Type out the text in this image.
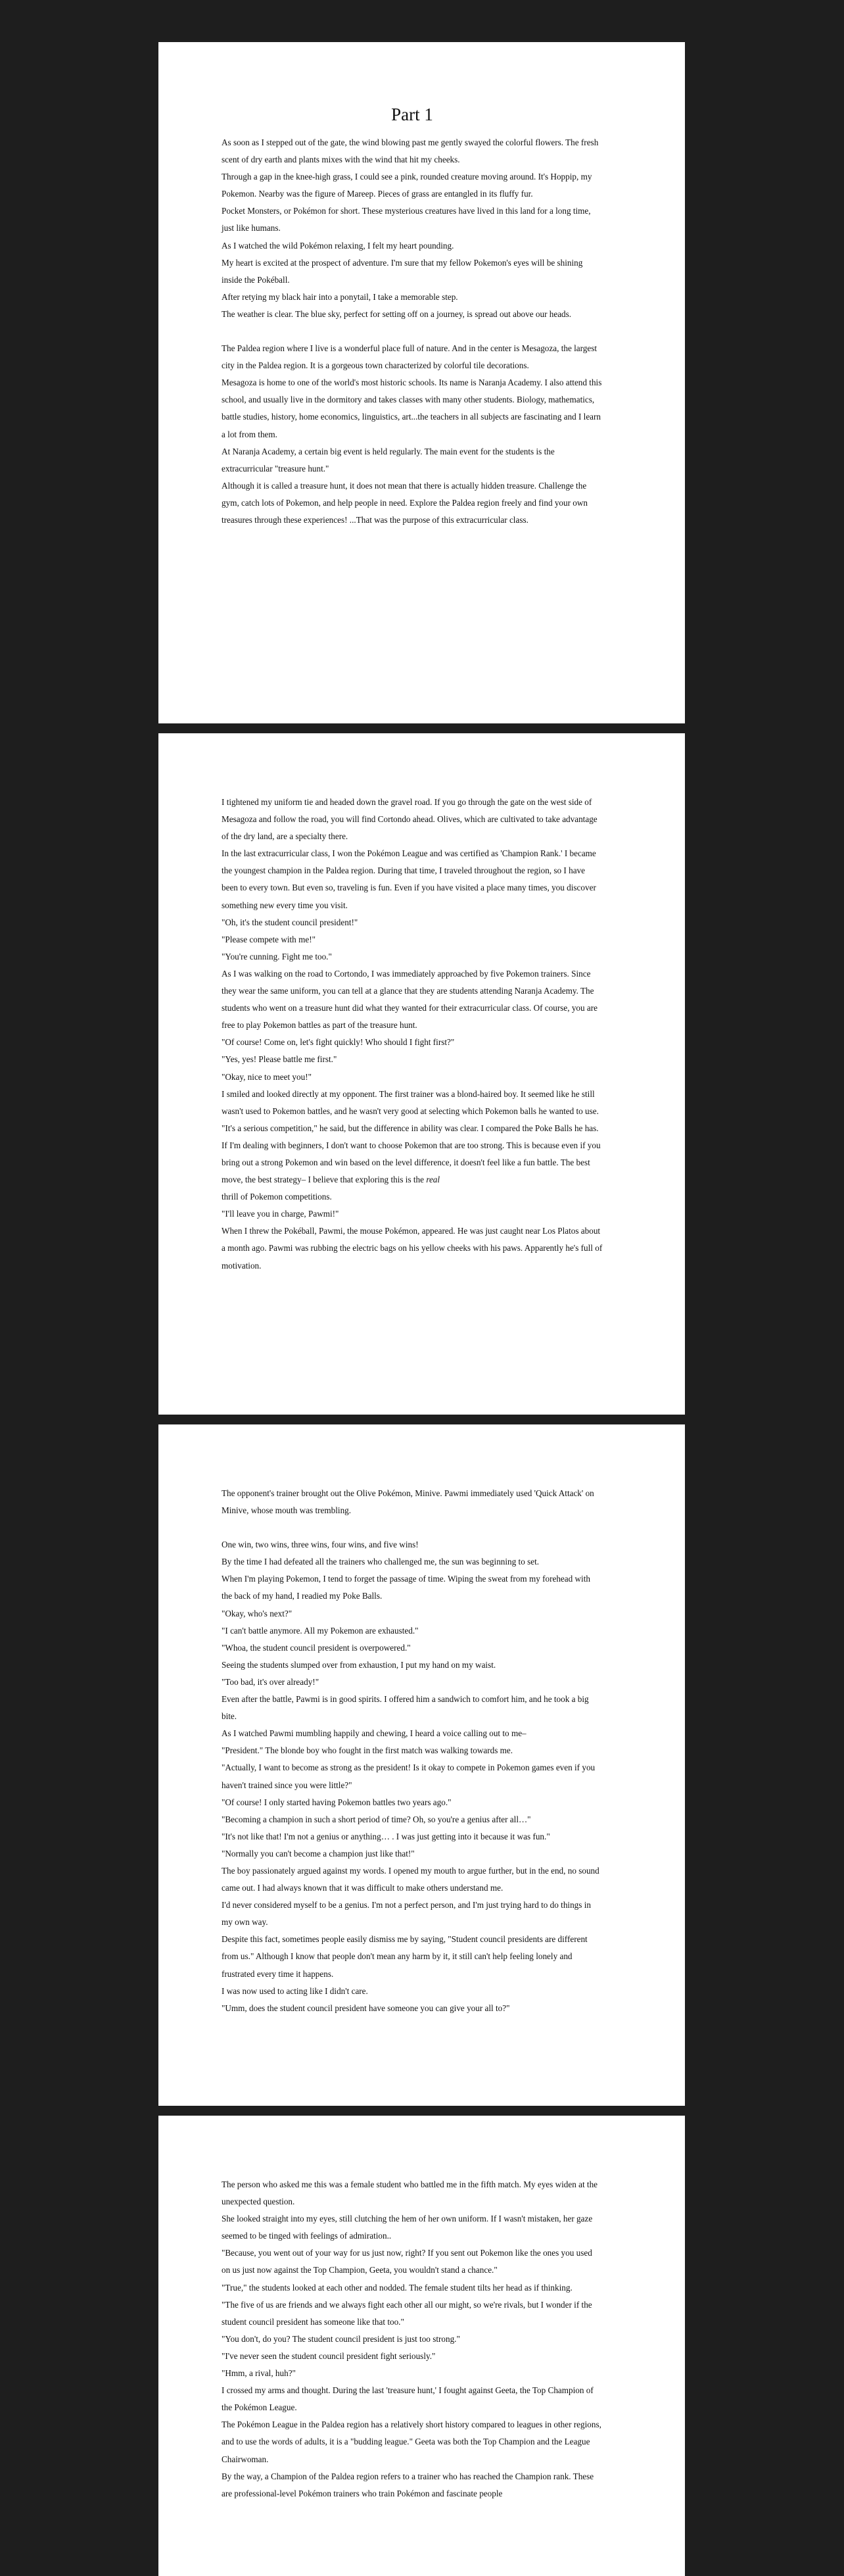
Part 1

As soon as I stepped out of the gate, the wind blowing past me gently swayed the colorful flowers. The fresh scent of dry earth and plants mixes with the wind that hit my cheeks.

Through a gap in the knee-high grass, I could see a pink, rounded creature moving around. It's Hoppip, my Pokemon. Nearby was the figure of Mareep. Pieces of grass are entangled in its fluffy fur.

Pocket Monsters, or Pokémon for short. These mysterious creatures have lived in this land for a long time, just like humans.

As I watched the wild Pokémon relaxing, I felt my heart pounding.

My heart is excited at the prospect of adventure. I'm sure that my fellow Pokemon's eyes will be shining inside the Pokéball.

After retying my black hair into a ponytail, I take a memorable step.

The weather is clear. The blue sky, perfect for setting off on a journey, is spread out above our heads.

The Paldea region where I live is a wonderful place full of nature. And in the center is Mesagoza, the largest city in the Paldea region. It is a gorgeous town characterized by colorful tile decorations.

Mesagoza is home to one of the world's most historic schools. Its name is Naranja Academy. I also attend this school, and usually live in the dormitory and takes classes with many other students. Biology, mathematics, battle studies, history, home economics, linguistics, art...the teachers in all subjects are fascinating and I learn a lot from them.

At Naranja Academy, a certain big event is held regularly. The main event for the students is the extracurricular "treasure hunt."

Although it is called a treasure hunt, it does not mean that there is actually hidden treasure. Challenge the gym, catch lots of Pokemon, and help people in need. Explore the Paldea region freely and find your own treasures through these experiences! ...That was the purpose of this extracurricular class.

I tightened my uniform tie and headed down the gravel road. If you go through the gate on the west side of Mesagoza and follow the road, you will find Cortondo ahead. Olives, which are cultivated to take advantage of the dry land, are a specialty there.

In the last extracurricular class, I won the Pokémon League and was certified as 'Champion Rank.' I became the youngest champion in the Paldea region. During that time, I traveled throughout the region, so I have been to every town. But even so, traveling is fun. Even if you have visited a place many times, you discover something new every time you visit.

"Oh, it's the student council president!"

"Please compete with me!"

"You're cunning. Fight me too."

As I was walking on the road to Cortondo, I was immediately approached by five Pokemon trainers. Since they wear the same uniform, you can tell at a glance that they are students attending Naranja Academy. The students who went on a treasure hunt did what they wanted for their extracurricular class. Of course, you are free to play Pokemon battles as part of the treasure hunt.

"Of course! Come on, let's fight quickly! Who should I fight first?"

"Yes, yes! Please battle me first."

"Okay, nice to meet you!"

I smiled and looked directly at my opponent. The first trainer was a blond-haired boy. It seemed like he still wasn't used to Pokemon battles, and he wasn't very good at selecting which Pokemon balls he wanted to use.

"It's a serious competition," he said, but the difference in ability was clear. I compared the Poke Balls he has.

If I'm dealing with beginners, I don't want to choose Pokemon that are too strong. This is because even if you bring out a strong Pokemon and win based on the level difference, it doesn't feel like a fun battle. The best move, the best strategy– I believe that exploring this is the real
thrill of Pokemon competitions.

"I'll leave you in charge, Pawmi!"

When I threw the Pokéball, Pawmi, the mouse Pokémon, appeared. He was just caught near Los Platos about a month ago. Pawmi was rubbing the electric bags on his yellow cheeks with his paws. Apparently he's full of motivation.

The opponent's trainer brought out the Olive Pokémon, Minive. Pawmi immediately used 'Quick Attack' on Minive, whose mouth was trembling.

One win, two wins, three wins, four wins, and five wins!

By the time I had defeated all the trainers who challenged me, the sun was beginning to set.

When I'm playing Pokemon, I tend to forget the passage of time. Wiping the sweat from my forehead with the back of my hand, I readied my Poke Balls.

"Okay, who's next?"

"I can't battle anymore. All my Pokemon are exhausted."

"Whoa, the student council president is overpowered."

Seeing the students slumped over from exhaustion, I put my hand on my waist.

"Too bad, it's over already!"

Even after the battle, Pawmi is in good spirits. I offered him a sandwich to comfort him, and he took a big bite.

As I watched Pawmi mumbling happily and chewing, I heard a voice calling out to me–

"President." The blonde boy who fought in the first match was walking towards me.

"Actually, I want to become as strong as the president! Is it okay to compete in Pokemon games even if you haven't trained since you were little?"

"Of course! I only started having Pokemon battles two years ago."

"Becoming a champion in such a short period of time? Oh, so you're a genius after all…"

"It's not like that! I'm not a genius or anything… . I was just getting into it because it was fun."

"Normally you can't become a champion just like that!"

The boy passionately argued against my words. I opened my mouth to argue further, but in the end, no sound came out. I had always known that it was difficult to make others understand me.

I'd never considered myself to be a genius. I'm not a perfect person, and I'm just trying hard to do things in my own way.

Despite this fact, sometimes people easily dismiss me by saying, "Student council presidents are different from us." Although I know that people don't mean any harm by it, it still can't help feeling lonely and frustrated every time it happens.

I was now used to acting like I didn't care.

"Umm, does the student council president have someone you can give your all to?"

The person who asked me this was a female student who battled me in the fifth match. My eyes widen at the unexpected question.

She looked straight into my eyes, still clutching the hem of her own uniform. If I wasn't mistaken, her gaze seemed to be tinged with feelings of admiration..

"Because, you went out of your way for us just now, right? If you sent out Pokemon like the ones you used on us just now against the Top Champion, Geeta, you wouldn't stand a chance."

"True," the students looked at each other and nodded. The female student tilts her head as if thinking.

"The five of us are friends and we always fight each other all our might, so we're rivals, but I wonder if the student council president has someone like that too."

"You don't, do you? The student council president is just too strong."

"I've never seen the student council president fight seriously."

"Hmm, a rival, huh?"

I crossed my arms and thought. During the last 'treasure hunt,' I fought against Geeta, the Top Champion of the Pokémon League.

The Pokémon League in the Paldea region has a relatively short history compared to leagues in other regions, and to use the words of adults, it is a "budding league." Geeta was both the Top Champion and the League Chairwoman.

By the way, a Champion of the Paldea region refers to a trainer who has reached the Champion rank. These are professional-level Pokémon trainers who train Pokémon and fascinate people
